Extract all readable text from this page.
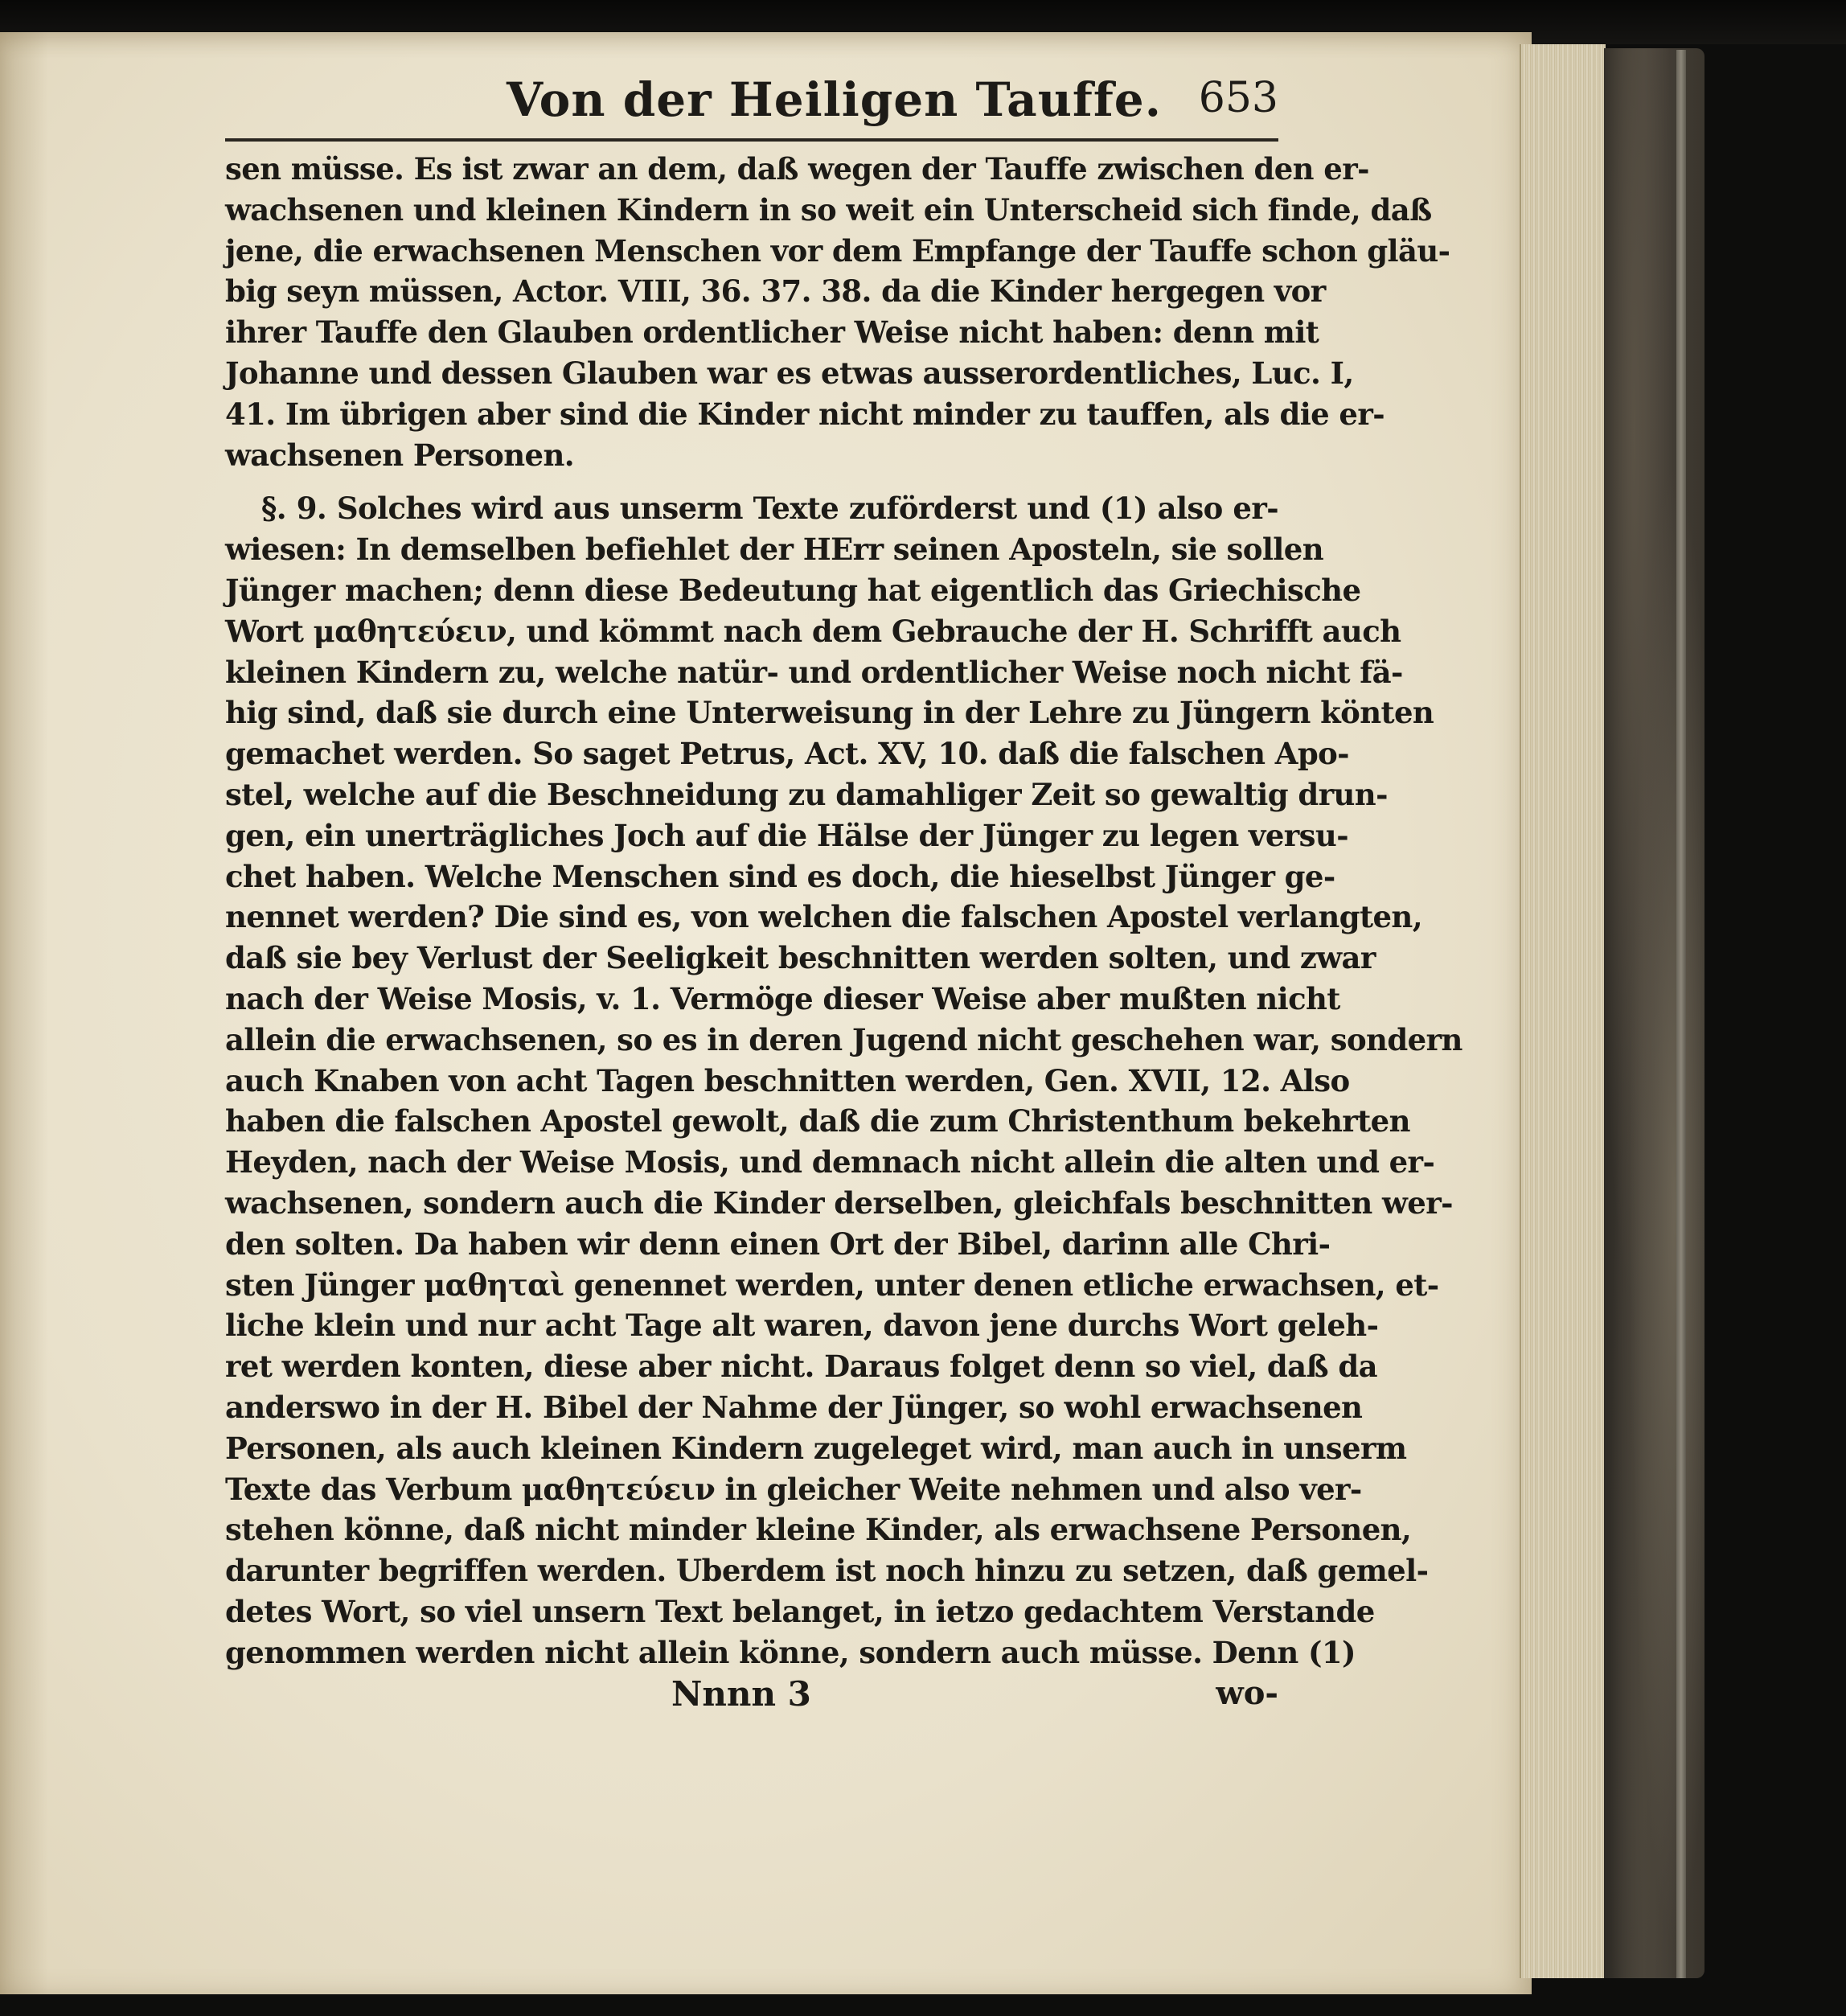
Von der Heiligen Tauffe. 653
sen müsse. Es ist zwar an dem, daß wegen der Tauffe zwischen den er-
wachsenen und kleinen Kindern in so weit ein Unterscheid sich finde, daß
jene, die erwachsenen Menschen vor dem Empfange der Tauffe schon gläu-
big seyn müssen, Actor. VIII, 36. 37. 38. da die Kinder hergegen vor
ihrer Tauffe den Glauben ordentlicher Weise nicht haben: denn mit
Johanne und dessen Glauben war es etwas ausserordentliches, Luc. I,
41. Im übrigen aber sind die Kinder nicht minder zu tauffen, als die er-
wachsenen Personen.
§. 9. Solches wird aus unserm Texte zuförderst und (1) also er-
wiesen: In demselben befiehlet der HErr seinen Aposteln, sie sollen
Jünger machen; denn diese Bedeutung hat eigentlich das Griechische
Wort μαθητεύειν, und kömmt nach dem Gebrauche der H. Schrifft auch
kleinen Kindern zu, welche natür- und ordentlicher Weise noch nicht fä-
hig sind, daß sie durch eine Unterweisung in der Lehre zu Jüngern könten
gemachet werden. So saget Petrus, Act. XV, 10. daß die falschen Apo-
stel, welche auf die Beschneidung zu damahliger Zeit so gewaltig drun-
gen, ein unerträgliches Joch auf die Hälse der Jünger zu legen versu-
chet haben. Welche Menschen sind es doch, die hieselbst Jünger ge-
nennet werden? Die sind es, von welchen die falschen Apostel verlangten,
daß sie bey Verlust der Seeligkeit beschnitten werden solten, und zwar
nach der Weise Mosis, v. 1. Vermöge dieser Weise aber mußten nicht
allein die erwachsenen, so es in deren Jugend nicht geschehen war, sondern
auch Knaben von acht Tagen beschnitten werden, Gen. XVII, 12. Also
haben die falschen Apostel gewolt, daß die zum Christenthum bekehrten
Heyden, nach der Weise Mosis, und demnach nicht allein die alten und er-
wachsenen, sondern auch die Kinder derselben, gleichfals beschnitten wer-
den solten. Da haben wir denn einen Ort der Bibel, darinn alle Chri-
sten Jünger μαθηταὶ genennet werden, unter denen etliche erwachsen, et-
liche klein und nur acht Tage alt waren, davon jene durchs Wort geleh-
ret werden konten, diese aber nicht. Daraus folget denn so viel, daß da
anderswo in der H. Bibel der Nahme der Jünger, so wohl erwachsenen
Personen, als auch kleinen Kindern zugeleget wird, man auch in unserm
Texte das Verbum μαθητεύειν in gleicher Weite nehmen und also ver-
stehen könne, daß nicht minder kleine Kinder, als erwachsene Personen,
darunter begriffen werden. Uberdem ist noch hinzu zu setzen, daß gemel-
detes Wort, so viel unsern Text belanget, in ietzo gedachtem Verstande
genommen werden nicht allein könne, sondern auch müsse. Denn (1)
Nnnn 3	wo-
